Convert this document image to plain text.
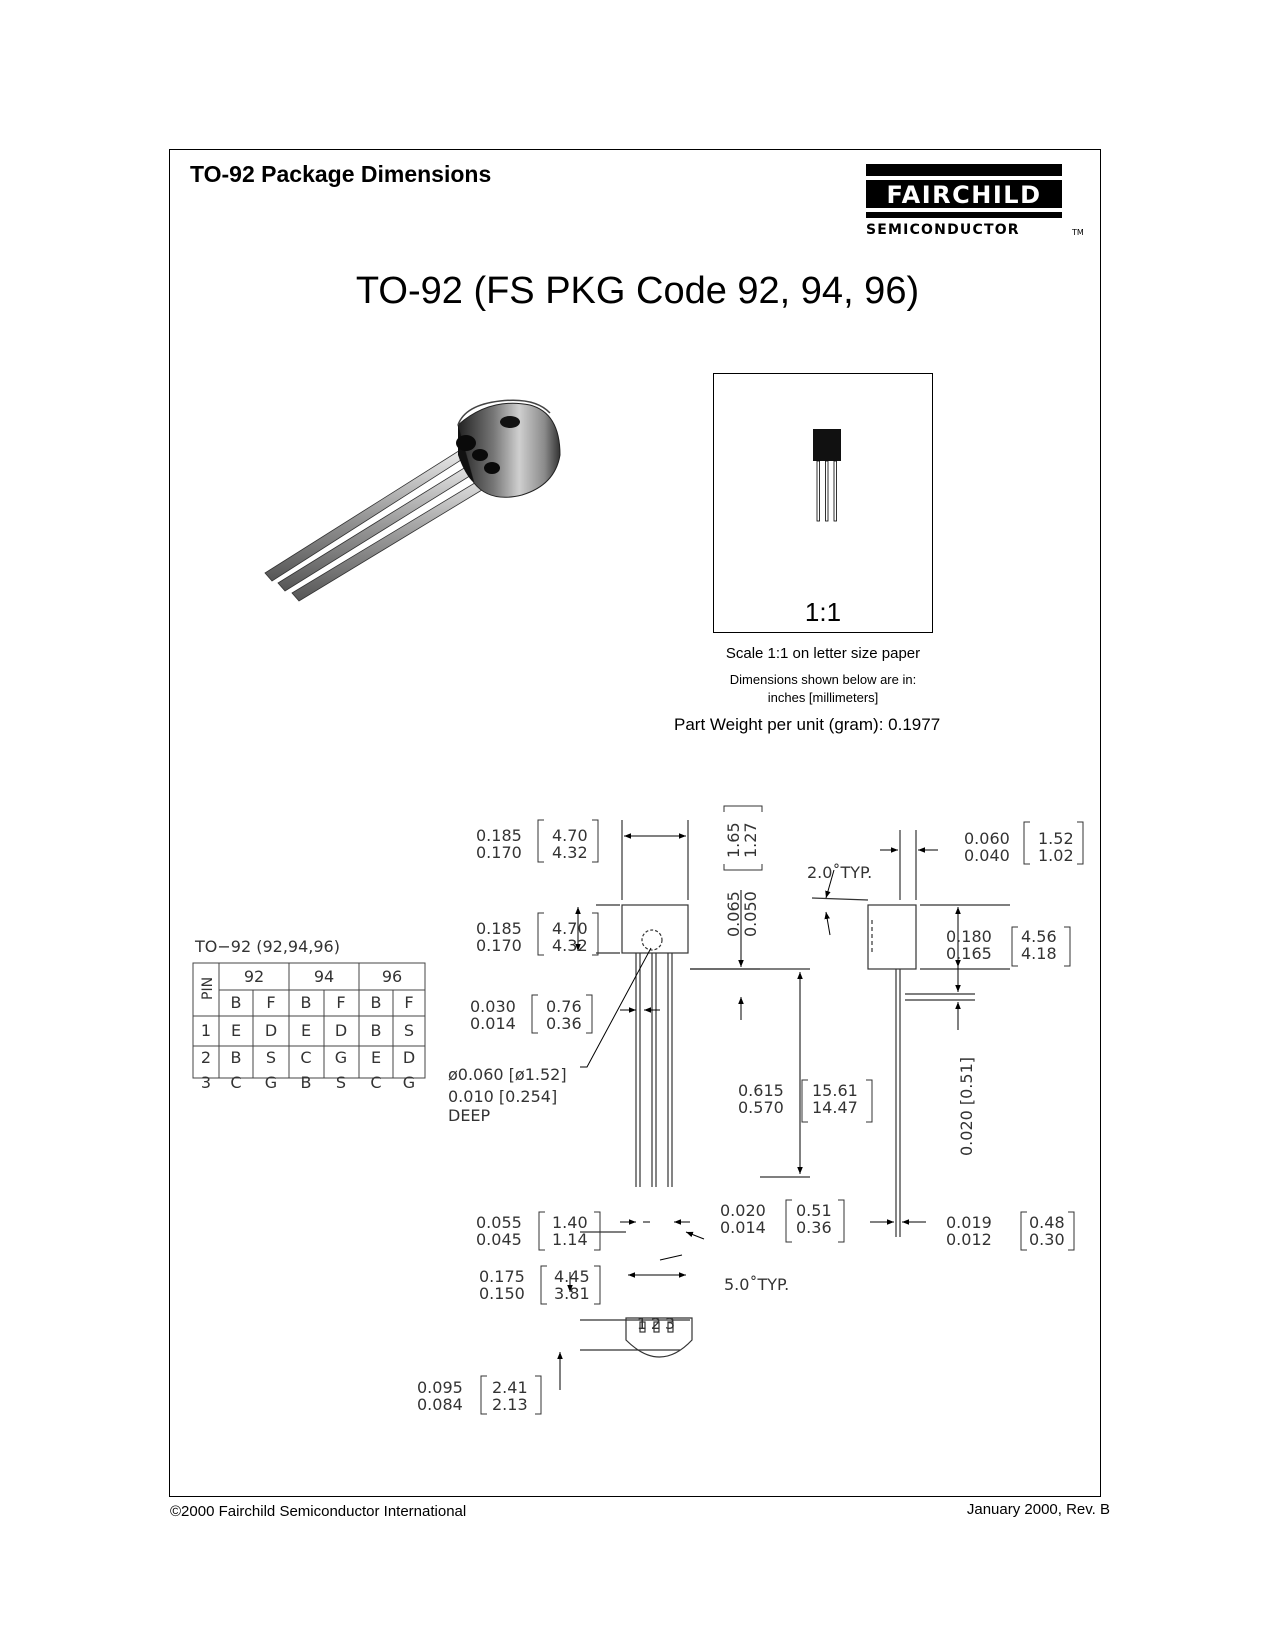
TO-92 Package Dimensions
FAIRCHILD
SEMICONDUCTOR	TM
TO-92 (FS PKG Code 92, 94, 96)
1:1
Scale 1:1 on letter size paper
Dimensions shown below are in:
inches [millimeters]
Part Weight per unit (gram): 0.1977
TO−92 (92,94,96)
PIN
92	94	96
B F B F B F
1 E D E D B S
2 B S C G E D
3 C G B S C G
0.185
0.170
4.70
4.32
0.185
0.170
4.70
4.32
0.030
0.014
0.76
0.36
ø0.060 [ø1.52]
0.010 [0.254]
DEEP
0.065
0.050
1.65
1.27
2.0˚TYP.
0.060
0.040
1.52
1.02
0.180
0.165
4.56
4.18
0.020 [0.51]
0.615
0.570
15.61
14.47
0.055
0.045
1.40
1.14
0.020
0.014
0.51
0.36	0.019
0.012
0.48
0.30
0.175
0.150
4.45
3.81	5.0˚TYP.
0.095
0.084
2.41
2.13
1 2 3
©2000 Fairchild Semiconductor International	January 2000, Rev. B
